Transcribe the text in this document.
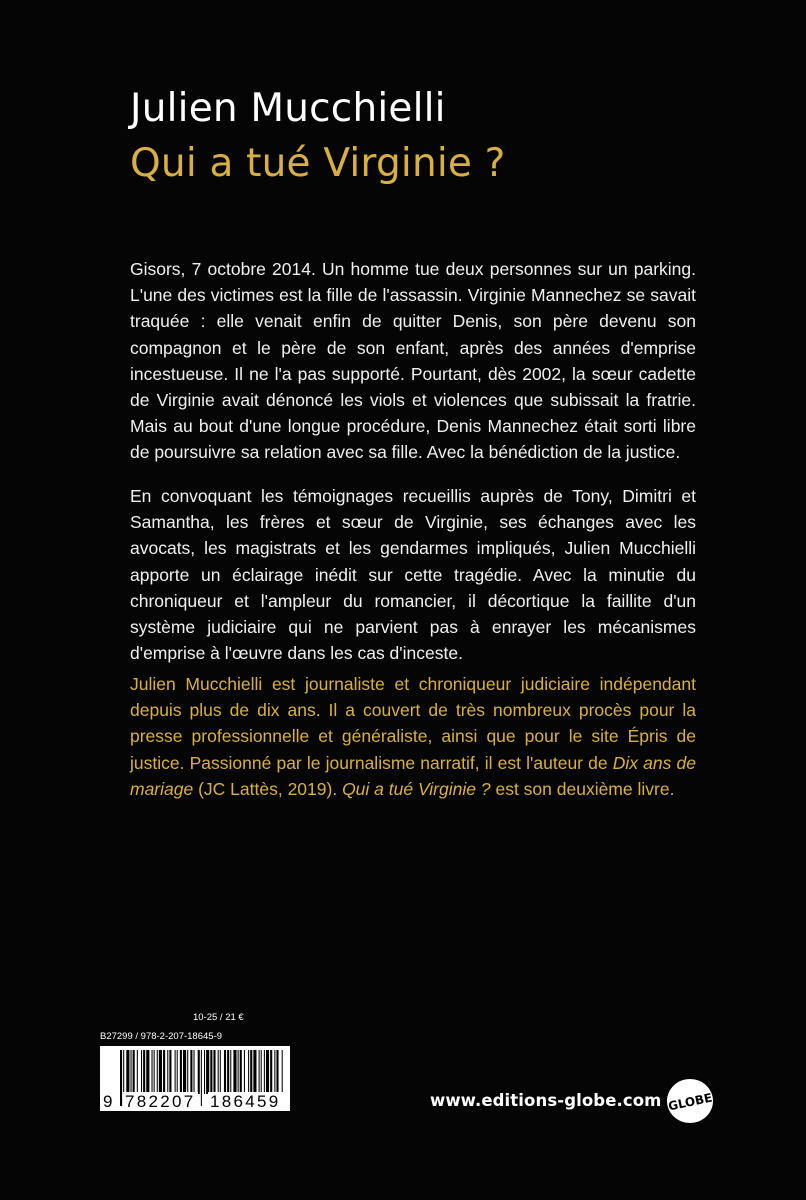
Julien Mucchielli
Qui a tué Virginie ?

Gisors, 7 octobre 2014. Un homme tue deux personnes sur un parking. L'une des victimes est la fille de l'assassin. Virginie Mannechez se savait traquée : elle venait enfin de quitter Denis, son père devenu son compagnon et le père de son enfant, après des années d'emprise incestueuse. Il ne l'a pas supporté. Pourtant, dès 2002, la sœur cadette de Virginie avait dénoncé les viols et violences que subissait la fratrie. Mais au bout d'une longue procédure, Denis Mannechez était sorti libre de poursuivre sa relation avec sa fille. Avec la bénédiction de la justice.

En convoquant les témoignages recueillis auprès de Tony, Dimitri et Samantha, les frères et sœur de Virginie, ses échanges avec les avocats, les magistrats et les gendarmes impliqués, Julien Mucchielli apporte un éclairage inédit sur cette tragédie. Avec la minutie du chroniqueur et l'ampleur du romancier, il décortique la faillite d'un système judiciaire qui ne parvient pas à enrayer les mécanismes d'emprise à l'œuvre dans les cas d'inceste.

Julien Mucchielli est journaliste et chroniqueur judiciaire indépendant depuis plus de dix ans. Il a couvert de très nombreux procès pour la presse professionnelle et généraliste, ainsi que pour le site Épris de justice. Passionné par le journalisme narratif, il est l'auteur de Dix ans de mariage (JC Lattès, 2019). Qui a tué Virginie ? est son deuxième livre.

10-25 / 21 €
B27299 / 978-2-207-18645-9
9 782207 186459	www.editions-globe.com GLOBE
